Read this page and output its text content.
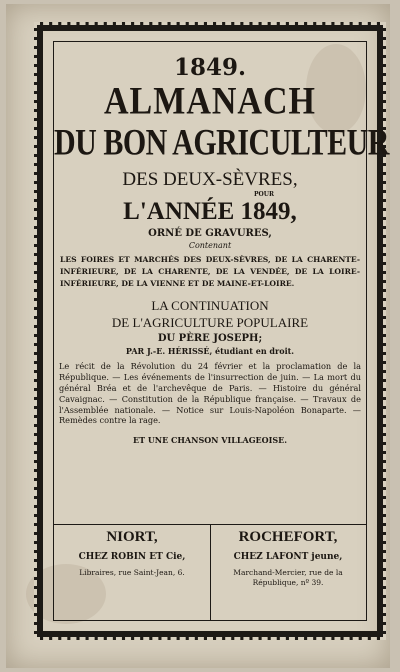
1849.
ALMANACH
DU BON AGRICULTEUR
DES DEUX-SÈVRES,
POUR
L'ANNÉE 1849,
ORNÉ DE GRAVURES,
Contenant
LES FOIRES ET MARCHÉS DES DEUX-SÈVRES, DE LA CHARENTE-INFÉRIEURE, DE LA CHARENTE, DE LA VENDÉE, DE LA LOIRE-INFÉRIEURE, DE LA VIENNE ET DE MAINE-ET-LOIRE.
LA CONTINUATION
DE L'AGRICULTURE POPULAIRE
DU PÈRE JOSEPH;
PAR J.-E. HÉRISSÉ, étudiant en droit.
Le récit de la Révolution du 24 février et la proclamation de la République. — Les événements de l'insurrection de juin. — La mort du général Bréa et de l'archevêque de Paris. — Histoire du général Cavaignac. — Constitution de la République française. — Travaux de l'Assemblée nationale. — Notice sur Louis-Napoléon Bonaparte. — Remèdes contre la rage.
ET UNE CHANSON VILLAGEOISE.
NIORT,
CHEZ ROBIN ET Cie,
Libraires, rue Saint-Jean, 6.
ROCHEFORT,
CHEZ LAFONT jeune,
Marchand-Mercier, rue de la République, nº 39.
